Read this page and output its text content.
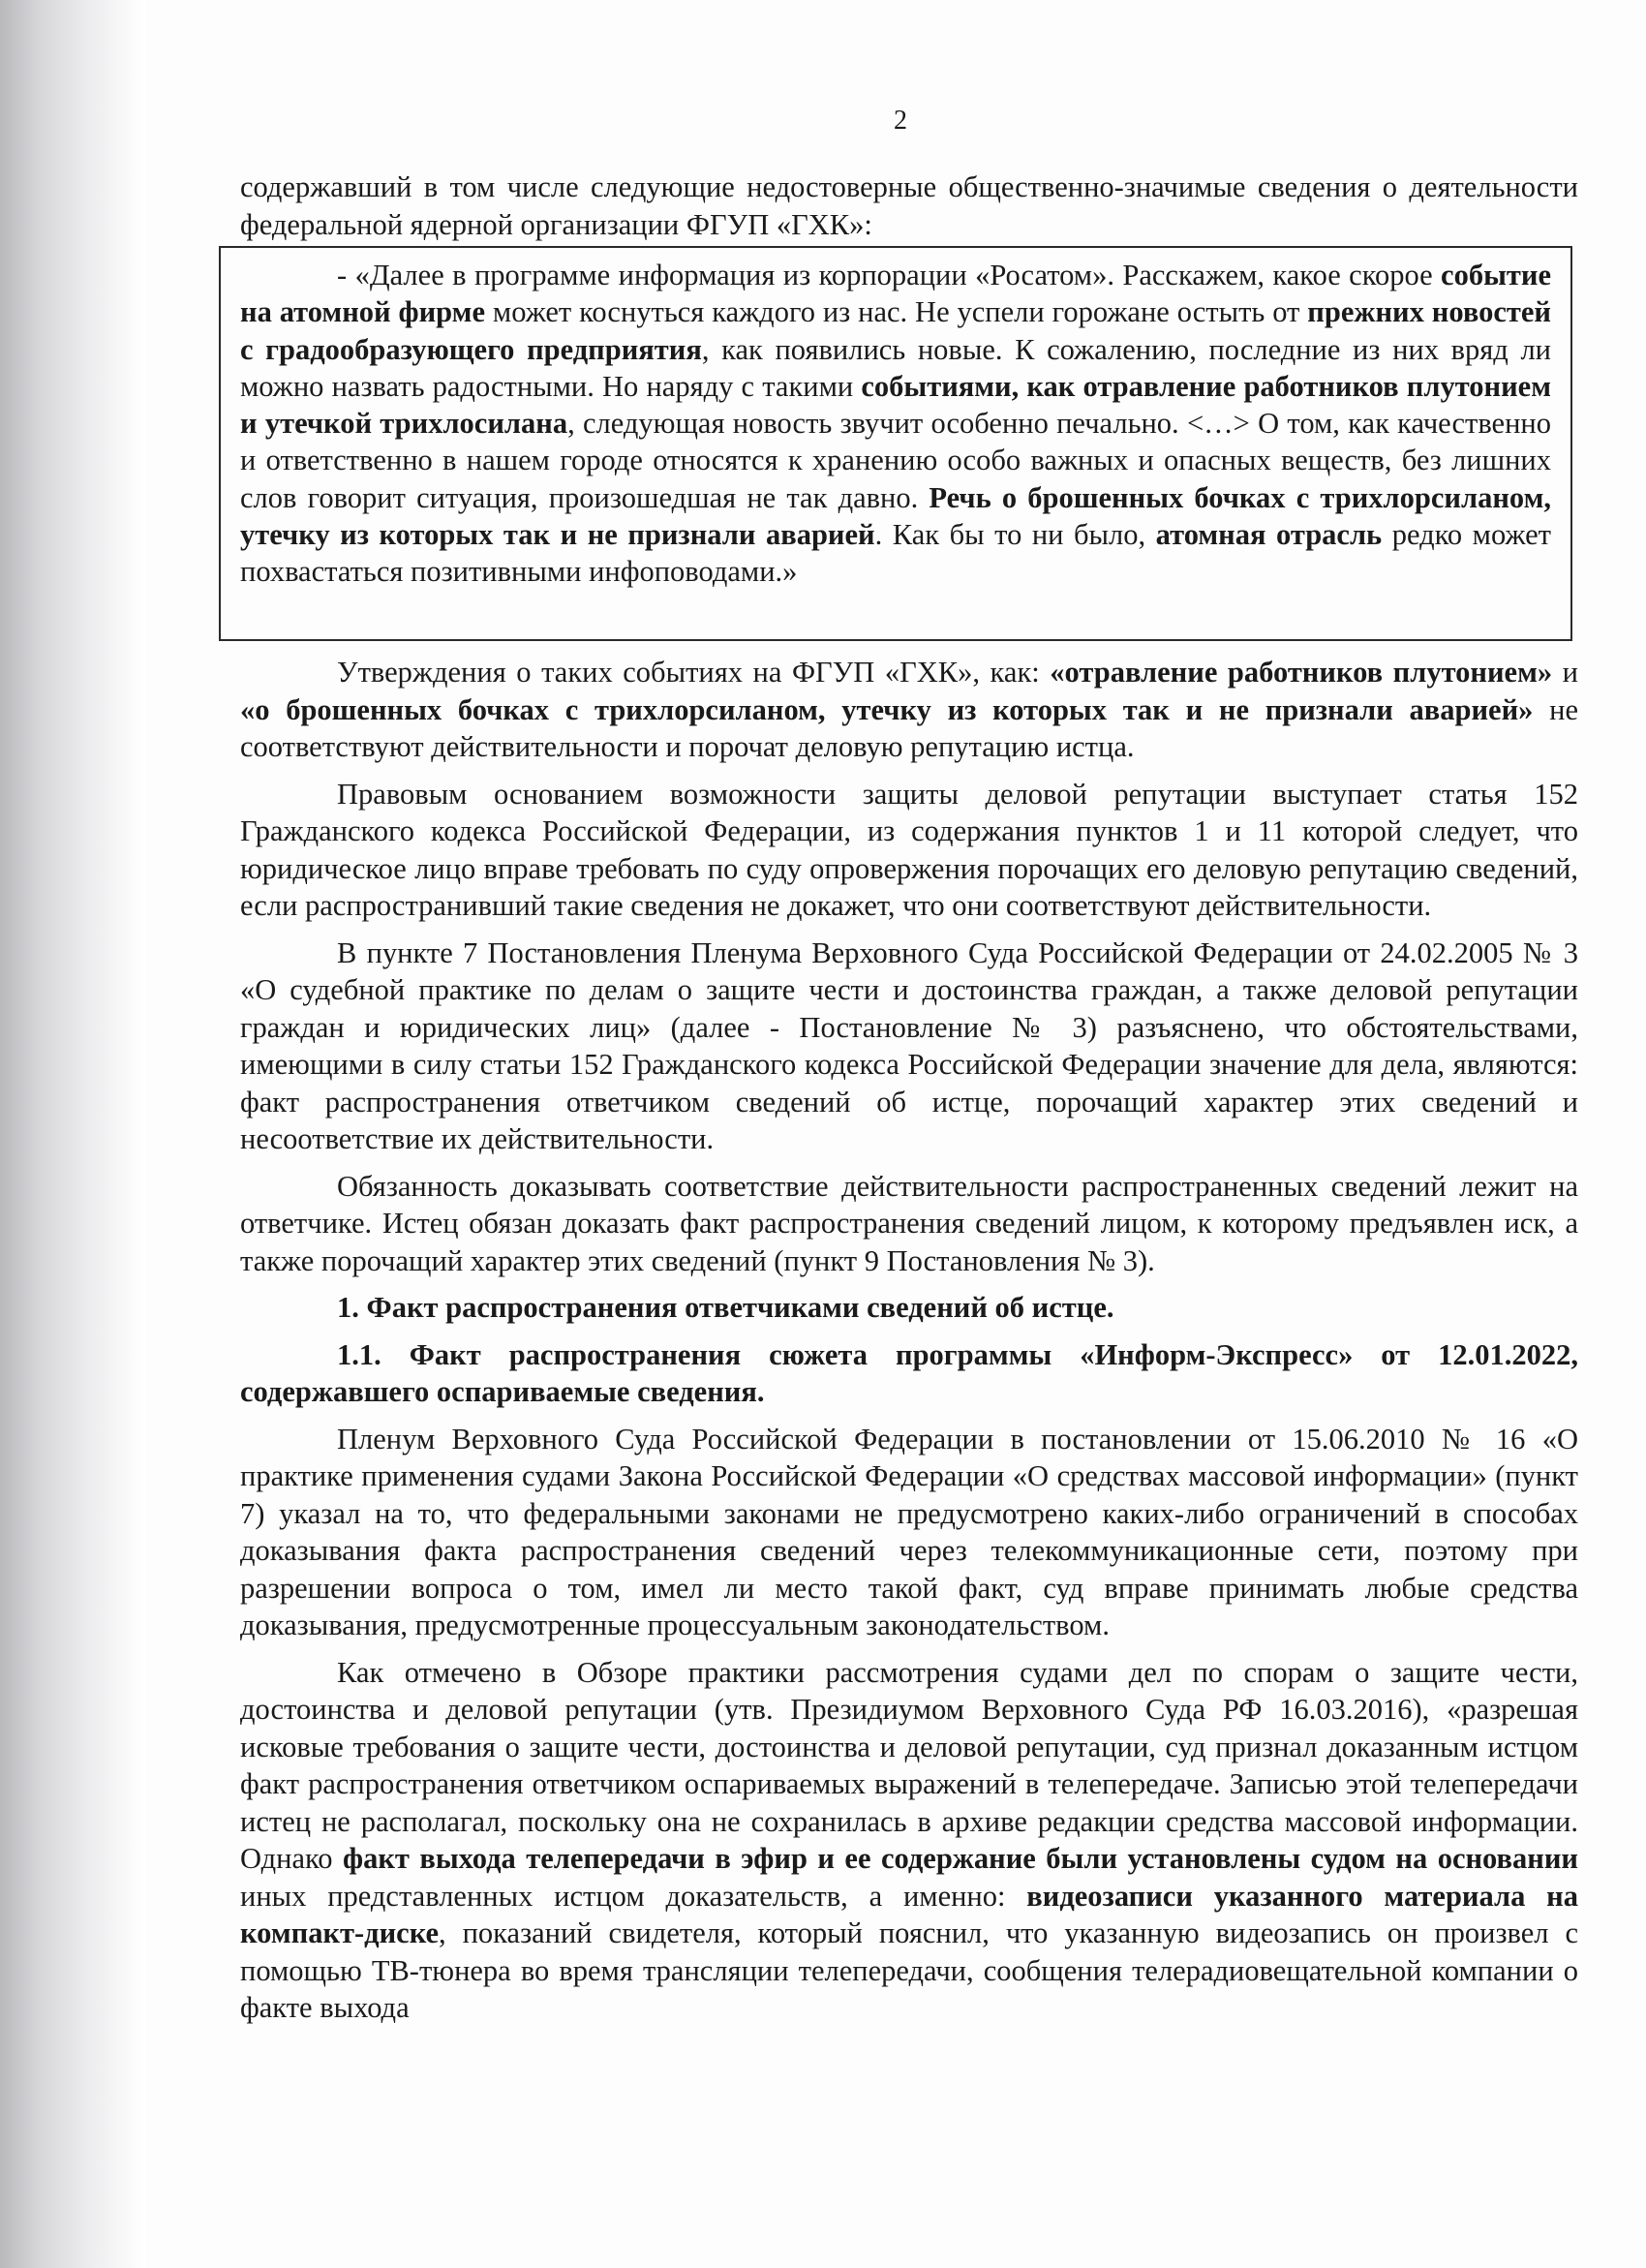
2

содержавший в том числе следующие недостоверные общественно-значимые сведения о деятельности федеральной ядерной организации ФГУП «ГХК»:

- «Далее в программе информация из корпорации «Росатом». Расскажем, какое скорое событие на атомной фирме может коснуться каждого из нас. Не успели горожане остыть от прежних новостей с градообразующего предприятия, как появились новые. К сожалению, последние из них вряд ли можно назвать радостными. Но наряду с такими событиями, как отравление работников плутонием и утечкой трихлосилана, следующая новость звучит особенно печально. <…> О том, как качественно и ответственно в нашем городе относятся к хранению особо важных и опасных веществ, без лишних слов говорит ситуация, произошедшая не так давно. Речь о брошенных бочках с трихлорсиланом, утечку из которых так и не признали аварией. Как бы то ни было, атомная отрасль редко может похвастаться позитивными инфоповодами.»

Утверждения о таких событиях на ФГУП «ГХК», как: «отравление работников плутонием» и «о брошенных бочках с трихлорсиланом, утечку из которых так и не признали аварией» не соответствуют действительности и порочат деловую репутацию истца.

Правовым основанием возможности защиты деловой репутации выступает статья 152 Гражданского кодекса Российской Федерации, из содержания пунктов 1 и 11 которой следует, что юридическое лицо вправе требовать по суду опровержения порочащих его деловую репутацию сведений, если распространивший такие сведения не докажет, что они соответствуют действительности.

В пункте 7 Постановления Пленума Верховного Суда Российской Федерации от 24.02.2005 № 3 «О судебной практике по делам о защите чести и достоинства граждан, а также деловой репутации граждан и юридических лиц» (далее - Постановление № 3) разъяснено, что обстоятельствами, имеющими в силу статьи 152 Гражданского кодекса Российской Федерации значение для дела, являются: факт распространения ответчиком сведений об истце, порочащий характер этих сведений и несоответствие их действительности.

Обязанность доказывать соответствие действительности распространенных сведений лежит на ответчике. Истец обязан доказать факт распространения сведений лицом, к которому предъявлен иск, а также порочащий характер этих сведений (пункт 9 Постановления № 3).

1. Факт распространения ответчиками сведений об истце.

1.1. Факт распространения сюжета программы «Информ-Экспресс» от 12.01.2022, содержавшего оспариваемые сведения.

Пленум Верховного Суда Российской Федерации в постановлении от 15.06.2010 № 16 «О практике применения судами Закона Российской Федерации «О средствах массовой информации» (пункт 7) указал на то, что федеральными законами не предусмотрено каких-либо ограничений в способах доказывания факта распространения сведений через телекоммуникационные сети, поэтому при разрешении вопроса о том, имел ли место такой факт, суд вправе принимать любые средства доказывания, предусмотренные процессуальным законодательством.

Как отмечено в Обзоре практики рассмотрения судами дел по спорам о защите чести, достоинства и деловой репутации (утв. Президиумом Верховного Суда РФ 16.03.2016), «разрешая исковые требования о защите чести, достоинства и деловой репутации, суд признал доказанным истцом факт распространения ответчиком оспариваемых выражений в телепередаче. Записью этой телепередачи истец не располагал, поскольку она не сохранилась в архиве редакции средства массовой информации. Однако факт выхода телепередачи в эфир и ее содержание были установлены судом на основании иных представленных истцом доказательств, а именно: видеозаписи указанного материала на компакт-диске, показаний свидетеля, который пояснил, что указанную видеозапись он произвел с помощью ТВ-тюнера во время трансляции телепередачи, сообщения телерадиовещательной компании о факте выхода
